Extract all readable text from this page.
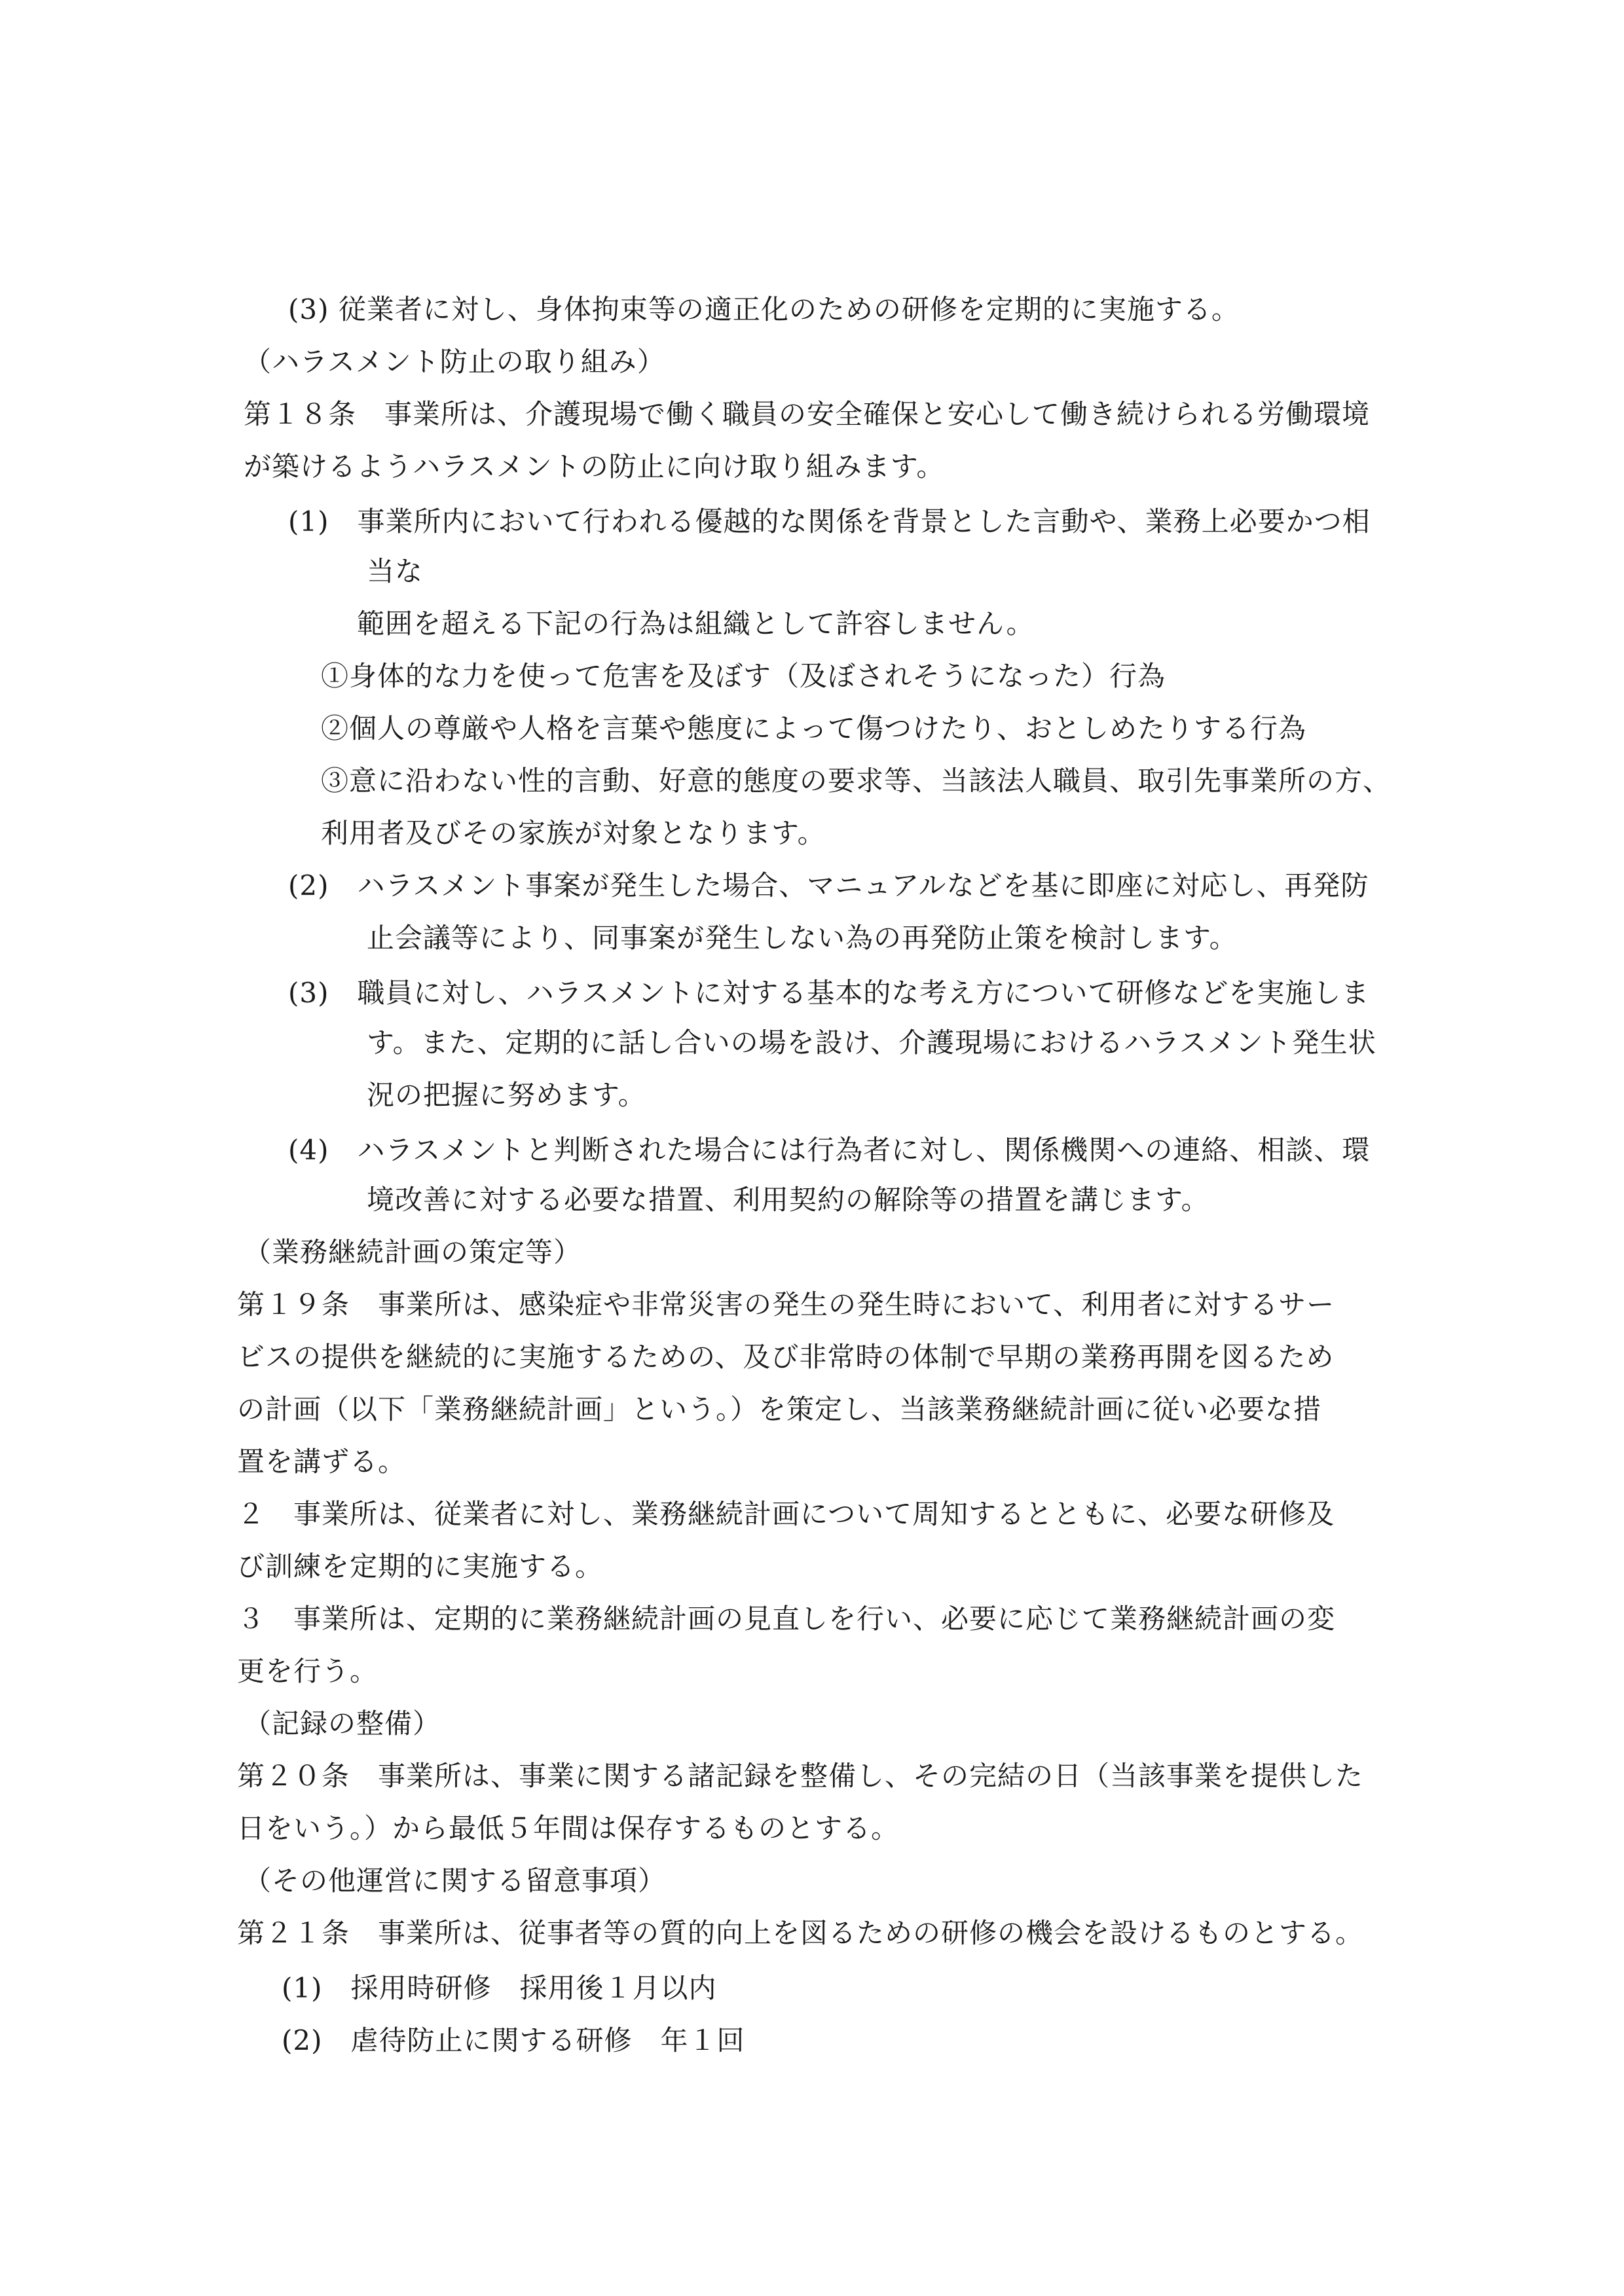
(3) 従業者に対し、身体拘束等の適正化のための研修を定期的に実施する。
（ハラスメント防止の取り組み）
第１８条　事業所は、介護現場で働く職員の安全確保と安心して働き続けられる労働環境
が築けるようハラスメントの防止に向け取り組みます。
(1)　事業所内において行われる優越的な関係を背景とした言動や、業務上必要かつ相
当な
範囲を超える下記の行為は組織として許容しません。
①身体的な力を使って危害を及ぼす（及ぼされそうになった）行為
②個人の尊厳や人格を言葉や態度によって傷つけたり、おとしめたりする行為
③意に沿わない性的言動、好意的態度の要求等、当該法人職員、取引先事業所の方、
利用者及びその家族が対象となります。
(2)　ハラスメント事案が発生した場合、マニュアルなどを基に即座に対応し、再発防
止会議等により、同事案が発生しない為の再発防止策を検討します。
(3)　職員に対し、ハラスメントに対する基本的な考え方について研修などを実施しま
す。また、定期的に話し合いの場を設け、介護現場におけるハラスメント発生状
況の把握に努めます。
(4)　ハラスメントと判断された場合には行為者に対し、関係機関への連絡、相談、環
境改善に対する必要な措置、利用契約の解除等の措置を講じます。
（業務継続計画の策定等）
第１９条　事業所は、感染症や非常災害の発生の発生時において、利用者に対するサー
ビスの提供を継続的に実施するための、及び非常時の体制で早期の業務再開を図るため
の計画（以下「業務継続計画」という。）を策定し、当該業務継続計画に従い必要な措
置を講ずる。
２　事業所は、従業者に対し、業務継続計画について周知するとともに、必要な研修及
び訓練を定期的に実施する。
３　事業所は、定期的に業務継続計画の見直しを行い、必要に応じて業務継続計画の変
更を行う。
（記録の整備）
第２０条　事業所は、事業に関する諸記録を整備し、その完結の日（当該事業を提供した
日をいう。）から最低５年間は保存するものとする。
（その他運営に関する留意事項）
第２１条　事業所は、従事者等の質的向上を図るための研修の機会を設けるものとする。
(1)　採用時研修　採用後１月以内
(2)　虐待防止に関する研修　年１回
